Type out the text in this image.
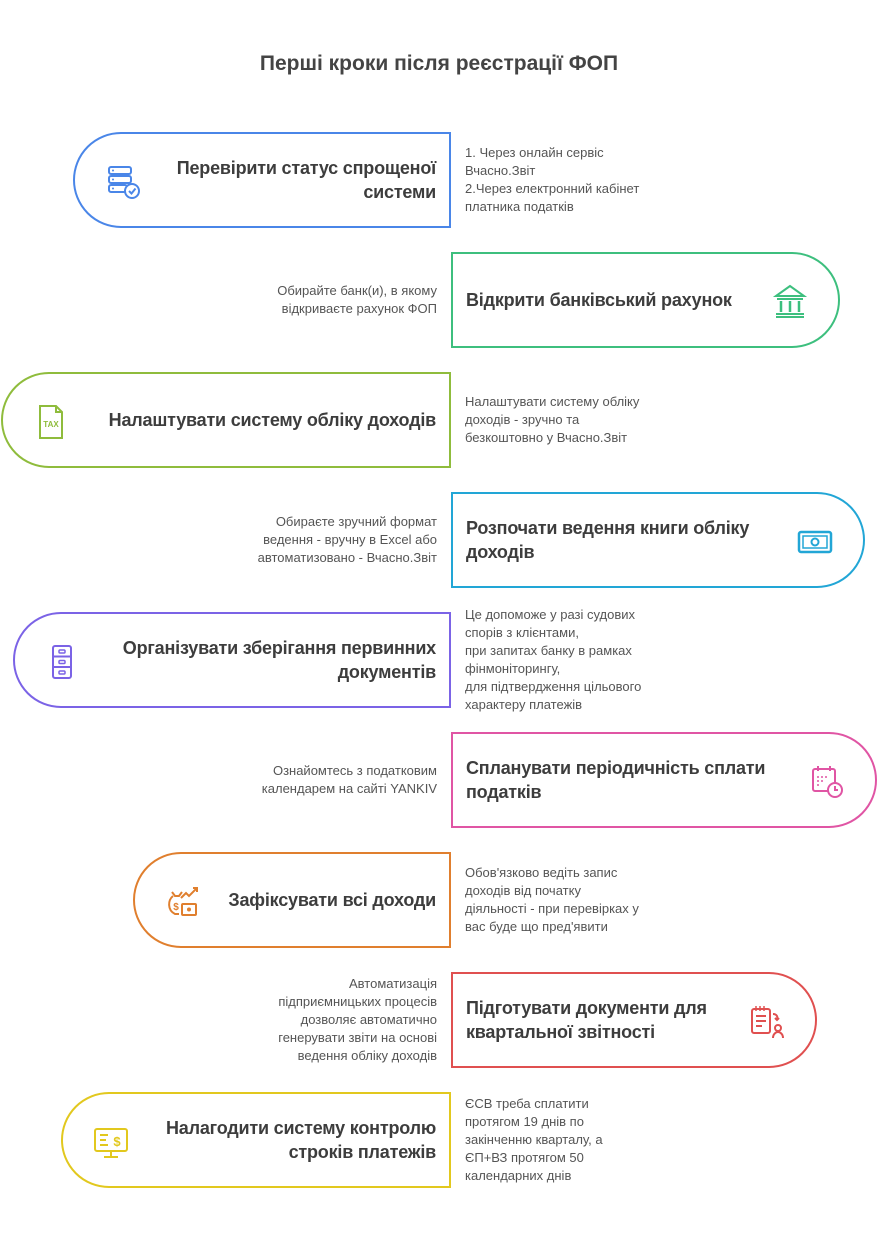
Перші кроки після реєстрації ФОП
Перевірити статус спрощеної системи
1. Через онлайн сервіс
Вчасно.Звіт
2.Через електронний кабінет
платника податків
Відкрити банківський рахунок
Обирайте банк(и), в якому
відкриваєте рахунок ФОП
TAX	Налаштувати систему обліку доходів
Налаштувати систему обліку
доходів - зручно та
безкоштовно у Вчасно.Звіт
Розпочати ведення книги обліку доходів
Обираєте зручний формат
ведення - вручну в Excel або
автоматизовано - Вчасно.Звіт
Організувати зберігання первинних документів
Це допоможе у разі судових
спорів з клієнтами,
при запитах банку в рамках
фінмоніторингу,
для підтвердження цільового
характеру платежів
Спланувати періодичність сплати податків
Ознайомтесь з податковим
календарем на сайті YANKIV
$	Зафіксувати всі доходи
Обов'язково ведіть запис
доходів від початку
діяльності - при перевірках у
вас буде що пред'явити
Підготувати документи для квартальної звітності
Автоматизація
підприємницьких процесів
дозволяє автоматично
генерувати звіти на основі
ведення обліку доходів
$
Налагодити систему контролю строків платежів
ЄСВ треба сплатити
протягом 19 днів по
закінченню кварталу, а
ЄП+ВЗ протягом 50
календарних днів
